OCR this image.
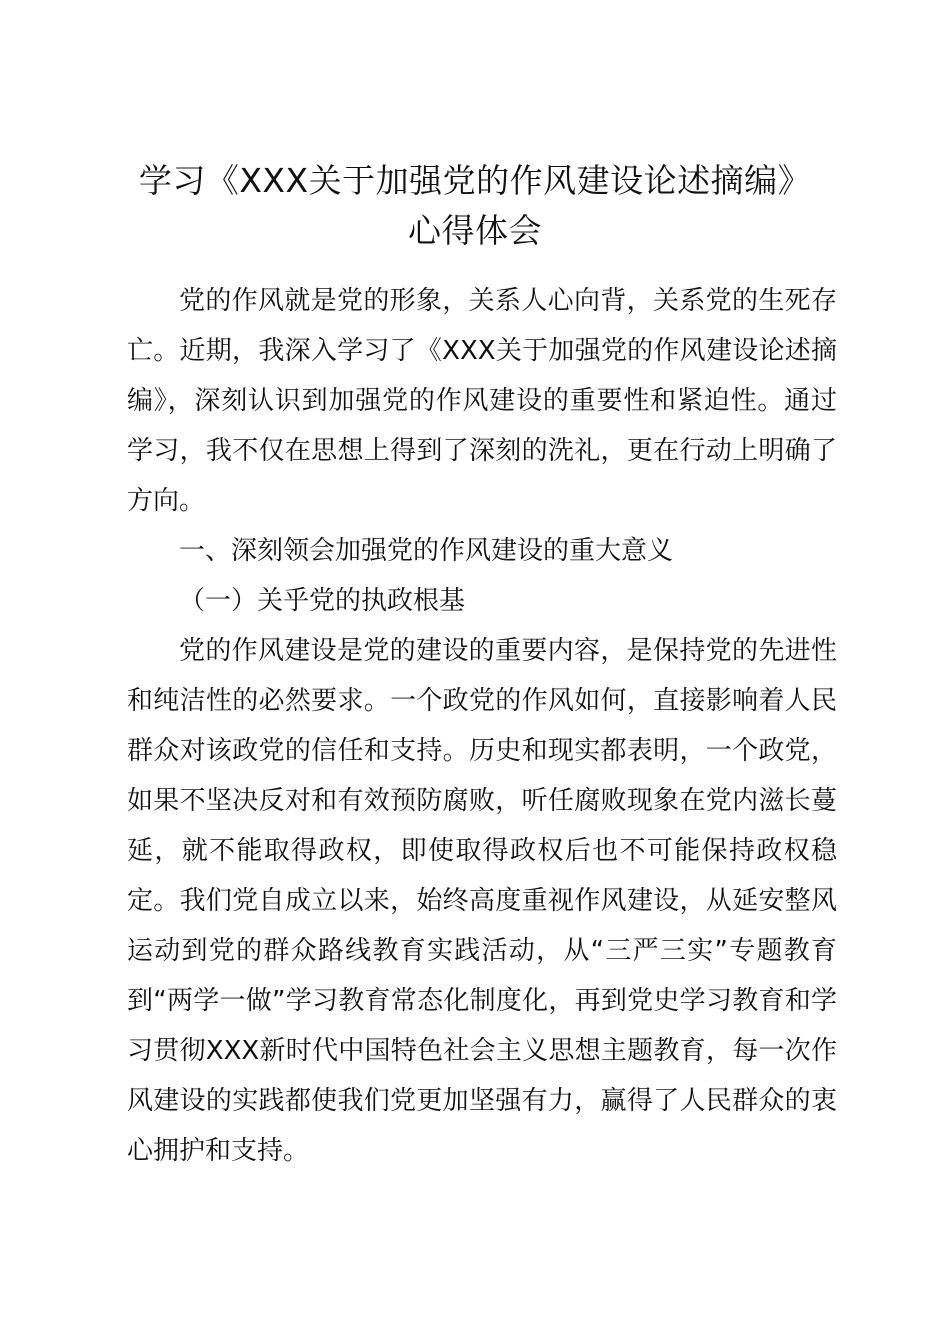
学习《XXX关于加强党的作风建设论述摘编》
心得体会

党的作风就是党的形象，关系人心向背，关系党的生死存亡。近期，我深入学习了《XXX关于加强党的作风建设论述摘编》，深刻认识到加强党的作风建设的重要性和紧迫性。通过学习，我不仅在思想上得到了深刻的洗礼，更在行动上明确了方向。

一、深刻领会加强党的作风建设的重大意义

（一）关乎党的执政根基

党的作风建设是党的建设的重要内容，是保持党的先进性和纯洁性的必然要求。一个政党的作风如何，直接影响着人民群众对该政党的信任和支持。历史和现实都表明，一个政党，如果不坚决反对和有效预防腐败，听任腐败现象在党内滋长蔓延，就不能取得政权，即使取得政权后也不可能保持政权稳定。我们党自成立以来，始终高度重视作风建设，从延安整风运动到党的群众路线教育实践活动，从“三严三实”专题教育到“两学一做”学习教育常态化制度化，再到党史学习教育和学习贯彻XXX新时代中国特色社会主义思想主题教育，每一次作风建设的实践都使我们党更加坚强有力，赢得了人民群众的衷心拥护和支持。
